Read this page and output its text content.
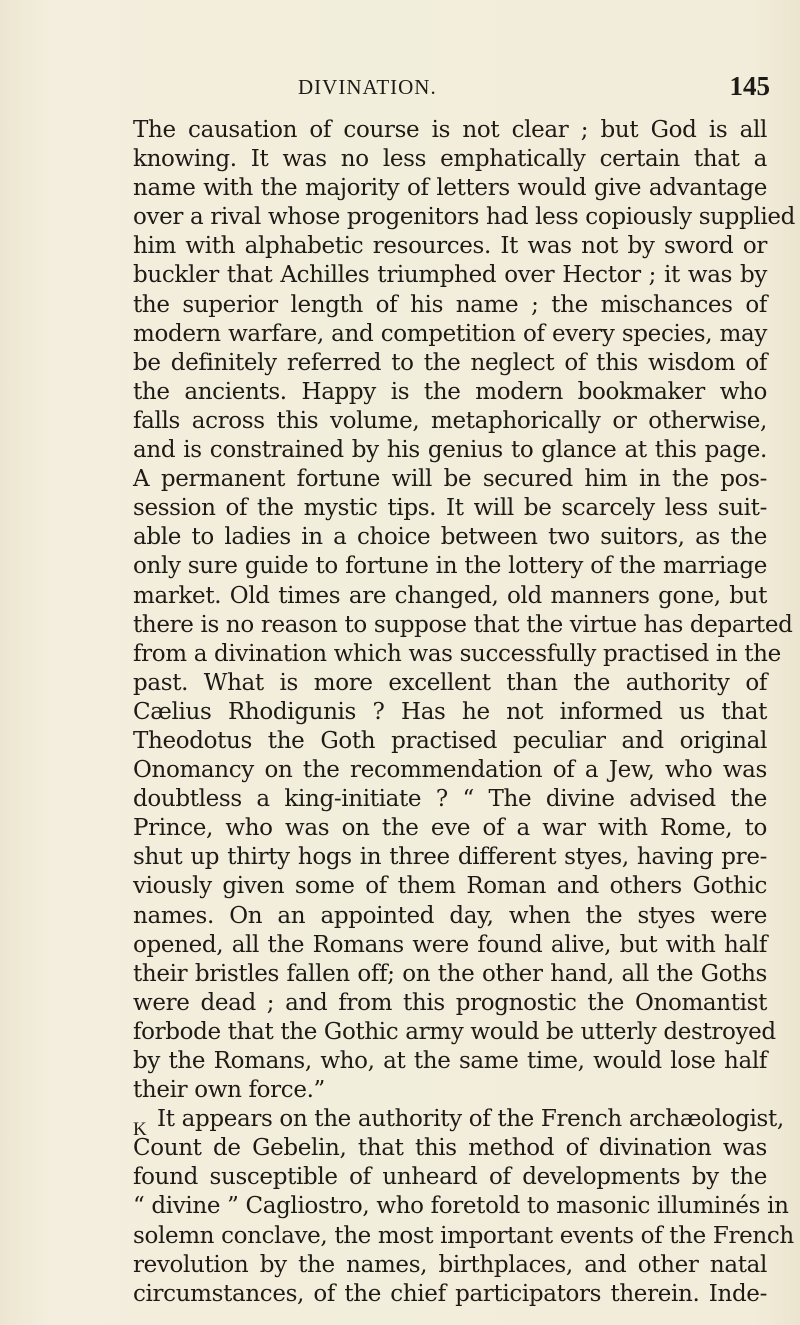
DIVINATION.	145
The causation of course is not clear ; but God is all
knowing. It was no less emphatically certain that a
name with the majority of letters would give advantage
over a rival whose progenitors had less copiously supplied
him with alphabetic resources. It was not by sword or
buckler that Achilles triumphed over Hector ; it was by
the superior length of his name ; the mischances of
modern warfare, and competition of every species, may
be definitely referred to the neglect of this wisdom of
the ancients. Happy is the modern bookmaker who
falls across this volume, metaphorically or otherwise,
and is constrained by his genius to glance at this page.
A permanent fortune will be secured him in the pos-
session of the mystic tips. It will be scarcely less suit-
able to ladies in a choice between two suitors, as the
only sure guide to fortune in the lottery of the marriage
market. Old times are changed, old manners gone, but
there is no reason to suppose that the virtue has departed
from a divination which was successfully practised in the
past. What is more excellent than the authority of
Cælius Rhodigunis ? Has he not informed us that
Theodotus the Goth practised peculiar and original
Onomancy on the recommendation of a Jew, who was
doubtless a king-initiate ? “ The divine advised the
Prince, who was on the eve of a war with Rome, to
shut up thirty hogs in three different styes, having pre-
viously given some of them Roman and others Gothic
names. On an appointed day, when the styes were
opened, all the Romans were found alive, but with half
their bristles fallen off; on the other hand, all the Goths
were dead ; and from this prognostic the Onomantist
forbode that the Gothic army would be utterly destroyed
by the Romans, who, at the same time, would lose half
their own force.”
It appears on the authority of the French archæologist,
Count de Gebelin, that this method of divination was
found susceptible of unheard of developments by the
“ divine ” Cagliostro, who foretold to masonic illuminés in
solemn conclave, the most important events of the French
revolution by the names, birthplaces, and other natal
circumstances, of the chief participators therein. Inde-
K
